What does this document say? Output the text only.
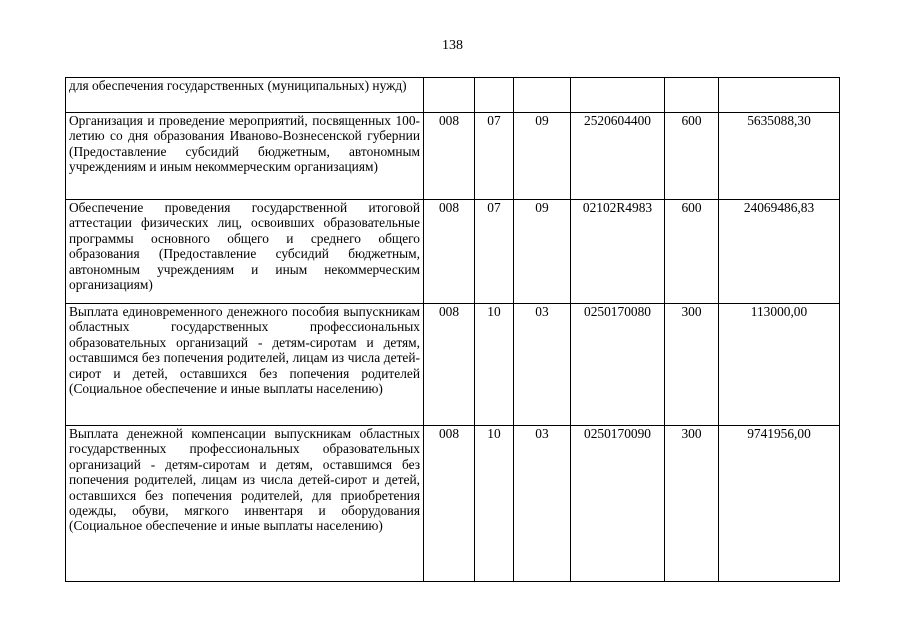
138
для обеспечения государственных (муниципальных) нужд)						
Организация и проведение мероприятий, посвященных 100-летию со дня образования Иваново-Вознесенской губернии (Предоставление субсидий бюджетным, автономным учреждениям и иным некоммерческим организациям)	008	07	09	2520604400	600	5635088,30
Обеспечение проведения государственной итоговой аттестации физических лиц, освоивших образовательные программы основного общего и среднего общего образования (Предоставление субсидий бюджетным, автономным учреждениям и иным некоммерческим организациям)	008	07	09	02102R4983	600	24069486,83
Выплата единовременного денежного пособия выпускникам областных государственных профессиональных образовательных организаций - детям-сиротам и детям, оставшимся без попечения родителей, лицам из числа детей-сирот и детей, оставшихся без попечения родителей (Социальное обеспечение и иные выплаты населению)	008	10	03	0250170080	300	113000,00
Выплата денежной компенсации выпускникам областных государственных профессиональных образовательных организаций - детям-сиротам и детям, оставшимся без попечения родителей, лицам из числа детей-сирот и детей, оставшихся без попечения родителей, для приобретения одежды, обуви, мягкого инвентаря и оборудования (Социальное обеспечение и иные выплаты населению)	008	10	03	0250170090	300	9741956,00
